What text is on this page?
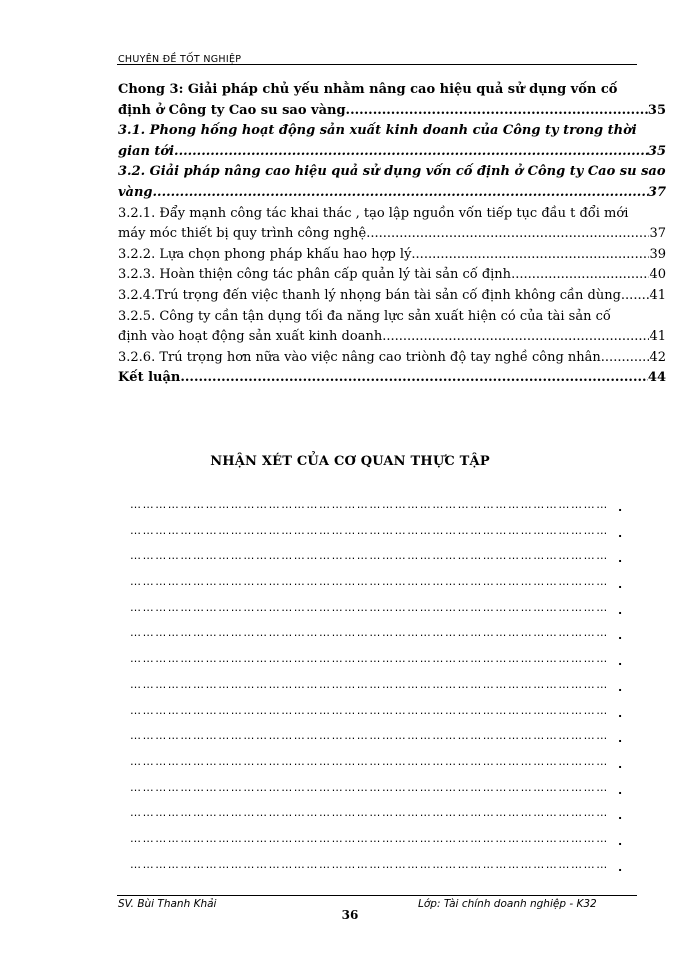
CHUYÊN ĐỀ TỐT NGHIỆP
Chong 3: Giải pháp chủ yếu nhằm nâng cao hiệu quả sử dụng vốn cố
định ở Công ty Cao su sao vàng .....	35
3.1. Phong hống hoạt động sản xuất kinh doanh của Công ty trong thời
gian tới .....	35
3.2. Giải pháp nâng cao hiệu quả sử dụng vốn cố định ở Công ty Cao su sao
vàng .....	37
3.2.1. Đẩy mạnh công tác khai thác , tạo lập nguồn vốn tiếp tục đầu t đổi mới
máy móc thiết bị quy trình công nghệ .....	37
3.2.2. Lựa chọn phong pháp khấu hao hợp lý .....	39
3.2.3. Hoàn thiện công tác phân cấp quản lý tài sản cố định .....	40
3.2.4.Trú trọng đến việc thanh lý nhọng bán tài sản cố định không cần dùng ..... 41
3.2.5. Công ty cần tận dụng tối đa năng lực sản xuất hiện có của tài sản cố
định vào hoạt động sản xuất kinh doanh .....	41
3.2.6. Trú trọng hơn nữa vào việc nâng cao triònh độ tay nghề công nhân .....	42
Kết luận .....	44
NHẬN XÉT CỦA CƠ QUAN THỰC TẬP
…………………………………………………………………………………………………………………………
.
…………………………………………………………………………………………………………………………
.
…………………………………………………………………………………………………………………………
.
…………………………………………………………………………………………………………………………
.
…………………………………………………………………………………………………………………………
.
…………………………………………………………………………………………………………………………
.
…………………………………………………………………………………………………………………………
.
…………………………………………………………………………………………………………………………
.
…………………………………………………………………………………………………………………………
.
…………………………………………………………………………………………………………………………
.
…………………………………………………………………………………………………………………………
.
…………………………………………………………………………………………………………………………
.
…………………………………………………………………………………………………………………………
.
…………………………………………………………………………………………………………………………
.
…………………………………………………………………………………………………………………………
.
SV. Bùi Thanh Khải	Lớp: Tài chính doanh nghiệp - K32
36
